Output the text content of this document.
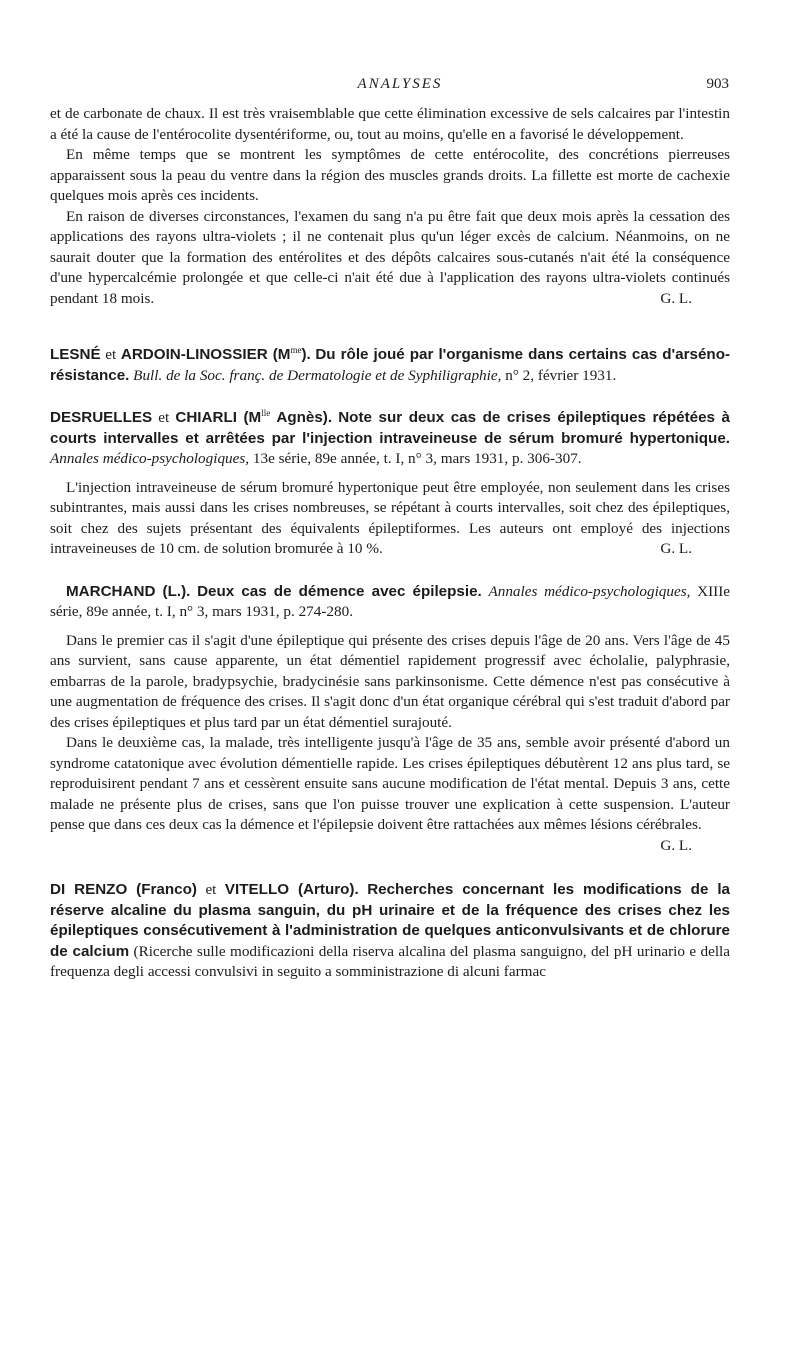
ANALYSES	903

et de carbonate de chaux. Il est très vraisemblable que cette élimination excessive de sels calcaires par l'intestin a été la cause de l'entérocolite dysentériforme, ou, tout au moins, qu'elle en a favorisé le développement.

En même temps que se montrent les symptômes de cette entérocolite, des concrétions pierreuses apparaissent sous la peau du ventre dans la région des muscles grands droits. La fillette est morte de cachexie quelques mois après ces incidents.

En raison de diverses circonstances, l'examen du sang n'a pu être fait que deux mois après la cessation des applications des rayons ultra-violets ; il ne contenait plus qu'un léger excès de calcium. Néanmoins, on ne saurait douter que la formation des entérolites et des dépôts calcaires sous-cutanés n'ait été la conséquence d'une hypercalcémie prolongée et que celle-ci n'ait été due à l'application des rayons ultra-violets continués pendant 18 mois.	G. L.

LESNÉ et ARDOIN-LINOSSIER $(M^{me})$. Du rôle joué par l'organisme dans certains cas d'arséno-résistance. Bull. de la Soc. franç. de Dermatologie et de Syphiligraphie, n° 2, février 1931.

DESRUELLES et CHIARLI ($M^{lle}$ Agnès). Note sur deux cas de crises épileptiques répétées à courts intervalles et arrêtées par l'injection intraveineuse de sérum bromuré hypertonique. Annales médico-psychologiques, 13e série, 89e année, t. I, n° 3, mars 1931, p. 306-307.

L'injection intraveineuse de sérum bromuré hypertonique peut être employée, non seulement dans les crises subintrantes, mais aussi dans les crises nombreuses, se répétant à courts intervalles, soit chez des épileptiques, soit chez des sujets présentant des équivalents épileptiformes. Les auteurs ont employé des injections intraveineuses de 10 cm. de solution bromurée à 10 %.	G. L.

MARCHAND (L.). Deux cas de démence avec épilepsie. Annales médico-psychologiques, XIIIe série, 89e année, t. I, n° 3, mars 1931, p. 274-280.

Dans le premier cas il s'agit d'une épileptique qui présente des crises depuis l'âge de 20 ans. Vers l'âge de 45 ans survient, sans cause apparente, un état démentiel rapidement progressif avec écholalie, palyphrasie, embarras de la parole, bradypsychie, bradycinésie sans parkinsonisme. Cette démence n'est pas consécutive à une augmentation de fréquence des crises. Il s'agit donc d'un état organique cérébral qui s'est traduit d'abord par des crises épileptiques et plus tard par un état démentiel surajouté.

Dans le deuxième cas, la malade, très intelligente jusqu'à l'âge de 35 ans, semble avoir présenté d'abord un syndrome catatonique avec évolution démentielle rapide. Les crises épileptiques débutèrent 12 ans plus tard, se reproduisirent pendant 7 ans et cessèrent ensuite sans aucune modification de l'état mental. Depuis 3 ans, cette malade ne présente plus de crises, sans que l'on puisse trouver une explication à cette suspension. L'auteur pense que dans ces deux cas la démence et l'épilepsie doivent être rattachées aux mêmes lésions cérébrales.
G. L.

DI RENZO (Franco) et VITELLO (Arturo). Recherches concernant les modifications de la réserve alcaline du plasma sanguin, du pH urinaire et de la fréquence des crises chez les épileptiques consécutivement à l'administration de quelques anticonvulsivants et de chlorure de calcium (Ricerche sulle modificazioni della riserva alcalina del plasma sanguigno, del pH urinario e della frequenza degli accessi convulsivi in seguito a somministrazione di alcuni farmac
